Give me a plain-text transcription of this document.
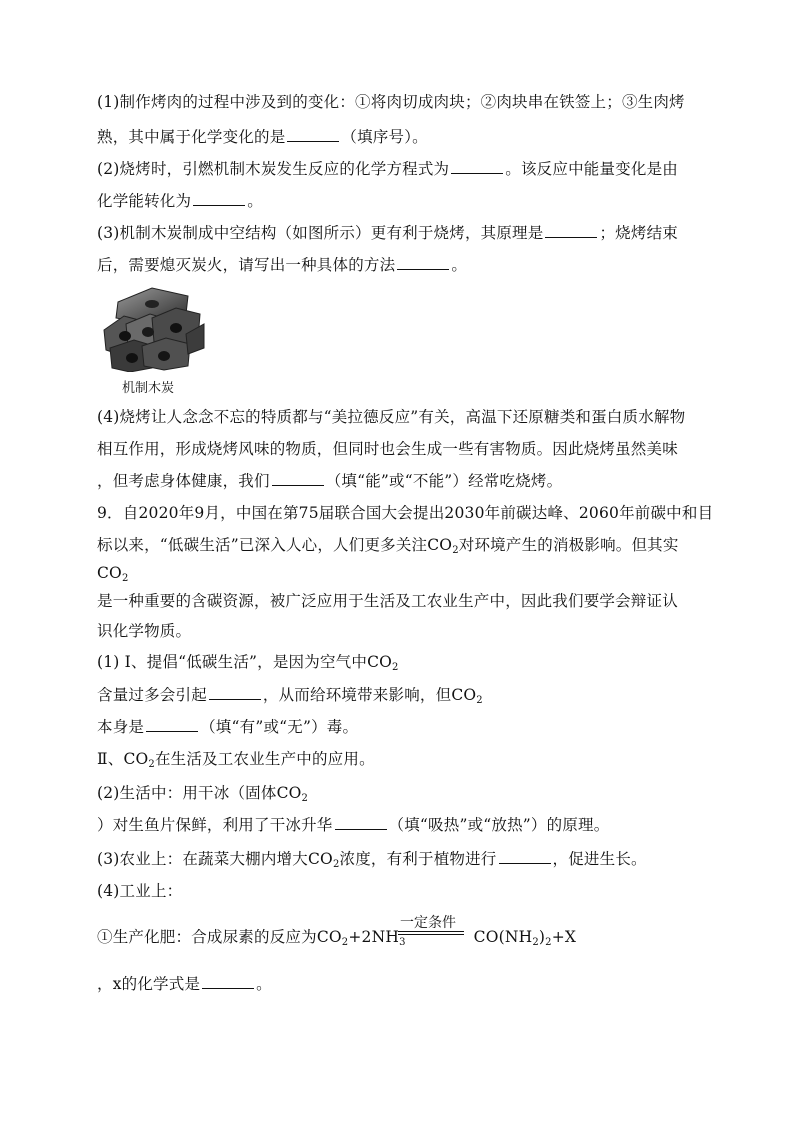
(1)制作烤肉的过程中涉及到的变化：①将肉切成肉块；②肉块串在铁签上；③生肉烤
熟，其中属于化学变化的是	（填序号）。
(2)烧烤时，引燃机制木炭发生反应的化学方程式为	。该反应中能量变化是由
化学能转化为	。
(3)机制木炭制成中空结构（如图所示）更有利于烧烤，其原理是	；烧烤结束
后，需要熄灭炭火，请写出一种具体的方法	。
机制木炭
(4)烧烤让人念念不忘的特质都与“美拉德反应”有关，高温下还原糖类和蛋白质水解物
相互作用，形成烧烤风味的物质，但同时也会生成一些有害物质。因此烧烤虽然美味
，但考虑身体健康，我们	（填“能”或“不能”）经常吃烧烤。
9．自2020年9月，中国在第75届联合国大会提出2030年前碳达峰、2060年前碳中和目
标以来，“低碳生活”已深入人心，人们更多关注$CO_2$对环境产生的消极影响。但其实
$CO_2$
是一种重要的含碳资源，被广泛应用于生活及工农业生产中，因此我们要学会辩证认
识化学物质。
(1) Ⅰ、提倡“低碳生活”，是因为空气中$CO_2$
含量过多会引起	，从而给环境带来影响，但$CO_2$
本身是	（填“有”或“无”）毒。
Ⅱ、$CO_2$在生活及工农业生产中的应用。
(2)生活中：用干冰（固体$CO_2$
）对生鱼片保鲜，利用了干冰升华	（填“吸热”或“放热”）的原理。
(3)农业上：在蔬菜大棚内增大$CO_2$浓度，有利于植物进行	，促进生长。
(4)工业上：
①生产化肥：合成尿素的反应为$CO_2+2NH_3$	$CO(NH_2)_2+X$
一定条件
，x的化学式是	。
